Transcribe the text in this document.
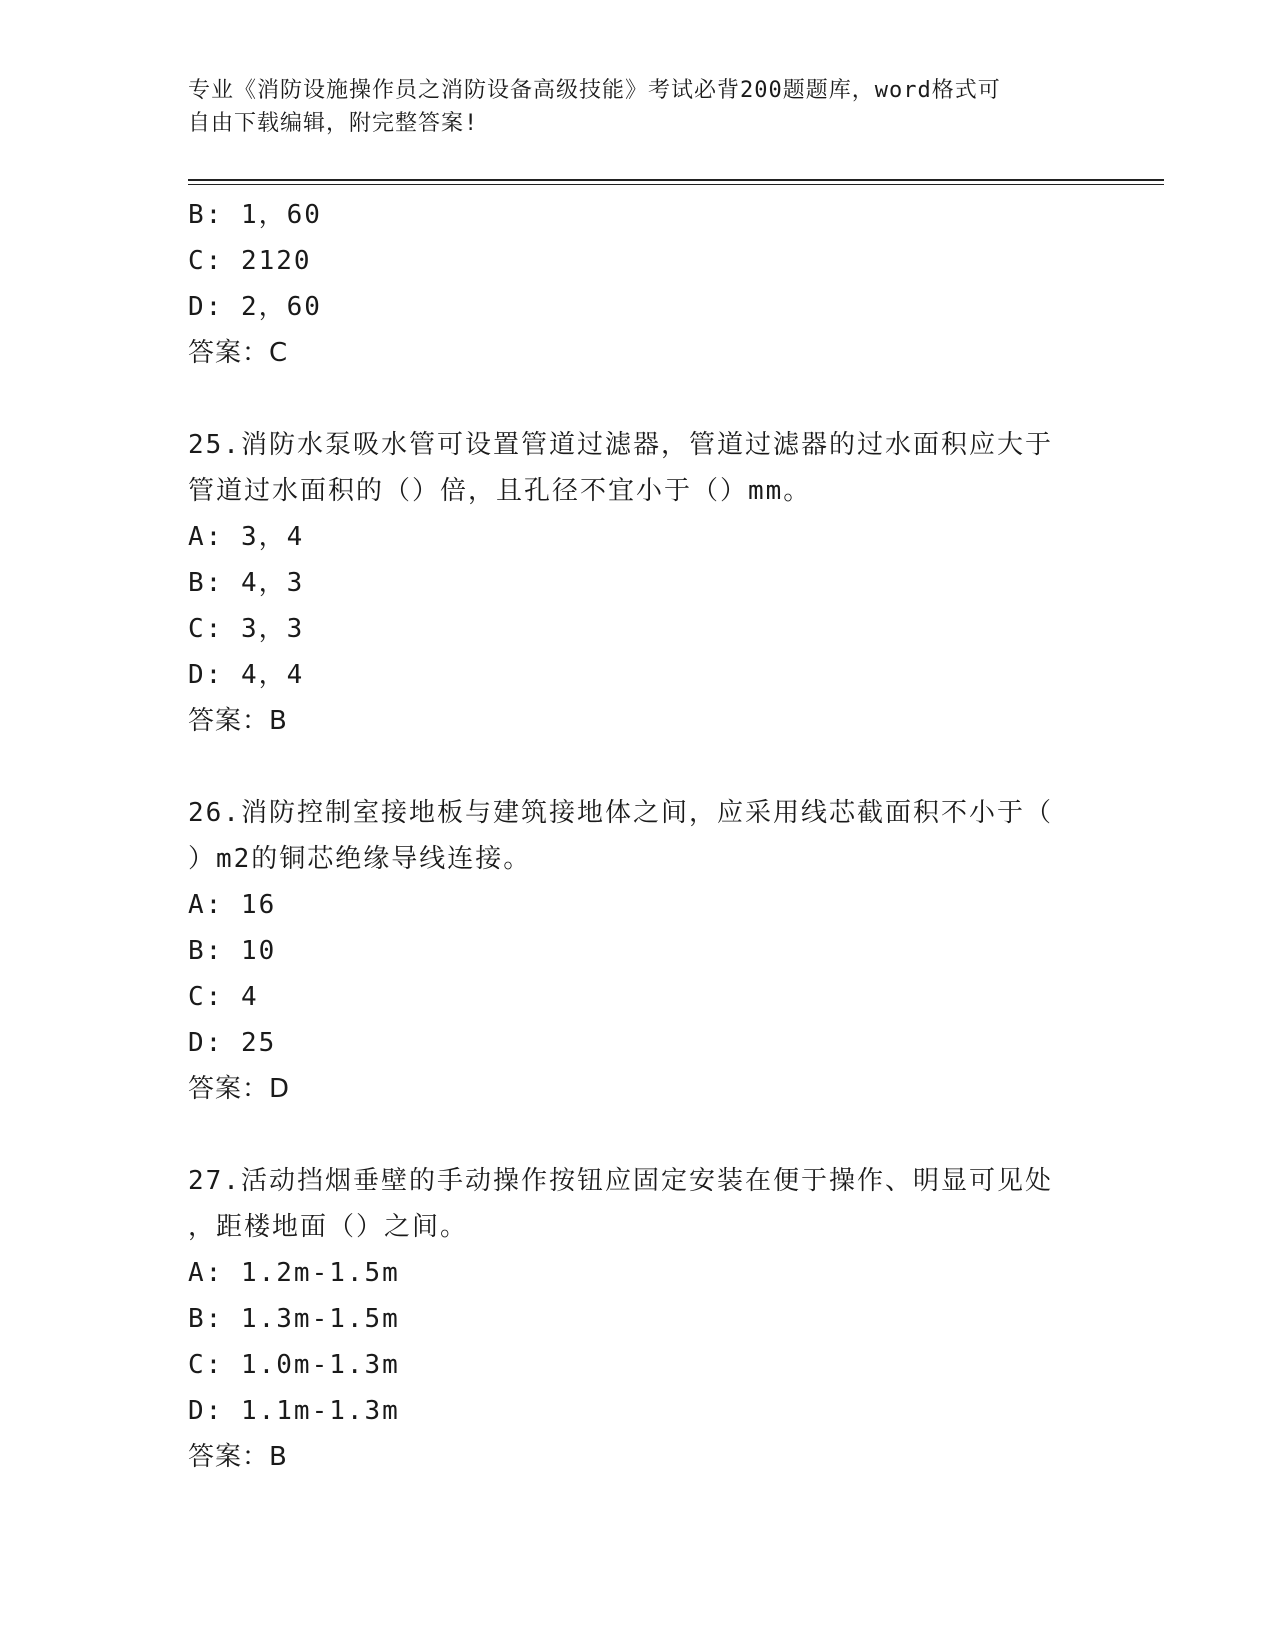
专业《消防设施操作员之消防设备高级技能》考试必背200题题库，word格式可
自由下载编辑，附完整答案!
B: 1，60
C: 2120
D: 2，60
答案：C
25.消防水泵吸水管可设置管道过滤器，管道过滤器的过水面积应大于
管道过水面积的（）倍，且孔径不宜小于（）mm。
A: 3，4
B: 4，3
C: 3，3
D: 4，4
答案：B
26.消防控制室接地板与建筑接地体之间，应采用线芯截面积不小于（
）m2的铜芯绝缘导线连接。
A: 16
B: 10
C: 4
D: 25
答案：D
27.活动挡烟垂壁的手动操作按钮应固定安装在便于操作、明显可见处
，距楼地面（）之间。
A: 1.2m-1.5m
B: 1.3m-1.5m
C: 1.0m-1.3m
D: 1.1m-1.3m
答案：B
